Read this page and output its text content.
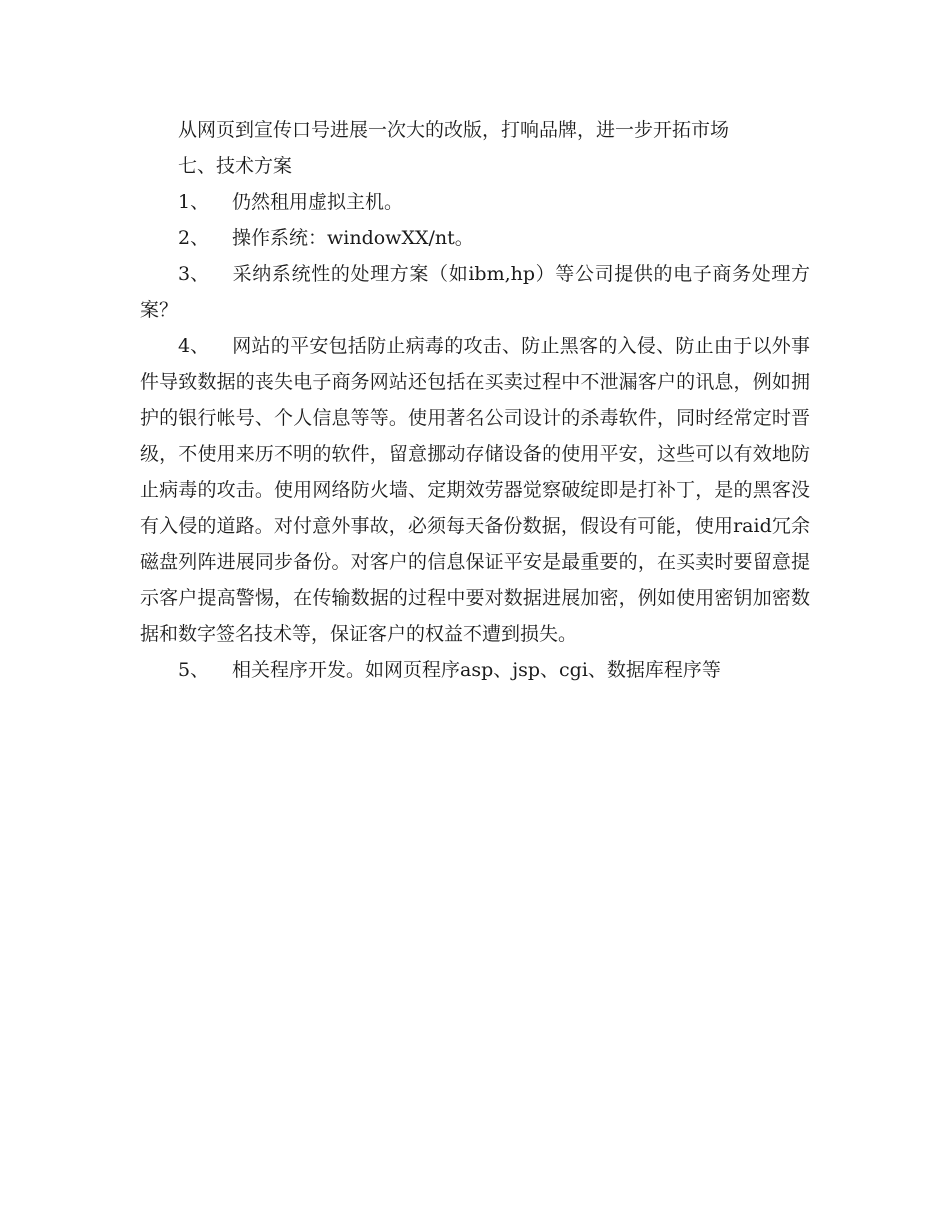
从网页到宣传口号进展一次大的改版，打响品牌，进一步开拓市场

七、技术方案

1、 仍然租用虚拟主机。

2、 操作系统：windowXX/nt。

3、 采纳系统性的处理方案（如ibm,hp）等公司提供的电子商务处理方案？

4、 网站的平安包括防止病毒的攻击、防止黑客的入侵、防止由于以外事件导致数据的丧失电子商务网站还包括在买卖过程中不泄漏客户的讯息，例如拥护的银行帐号、个人信息等等。使用著名公司设计的杀毒软件，同时经常定时晋级，不使用来历不明的软件，留意挪动存储设备的使用平安，这些可以有效地防止病毒的攻击。使用网络防火墙、定期效劳器觉察破绽即是打补丁，是的黑客没有入侵的道路。对付意外事故，必须每天备份数据，假设有可能，使用raid冗余磁盘列阵进展同步备份。对客户的信息保证平安是最重要的，在买卖时要留意提示客户提高警惕，在传输数据的过程中要对数据进展加密，例如使用密钥加密数据和数字签名技术等，保证客户的权益不遭到损失。

5、 相关程序开发。如网页程序asp、jsp、cgi、数据库程序等
